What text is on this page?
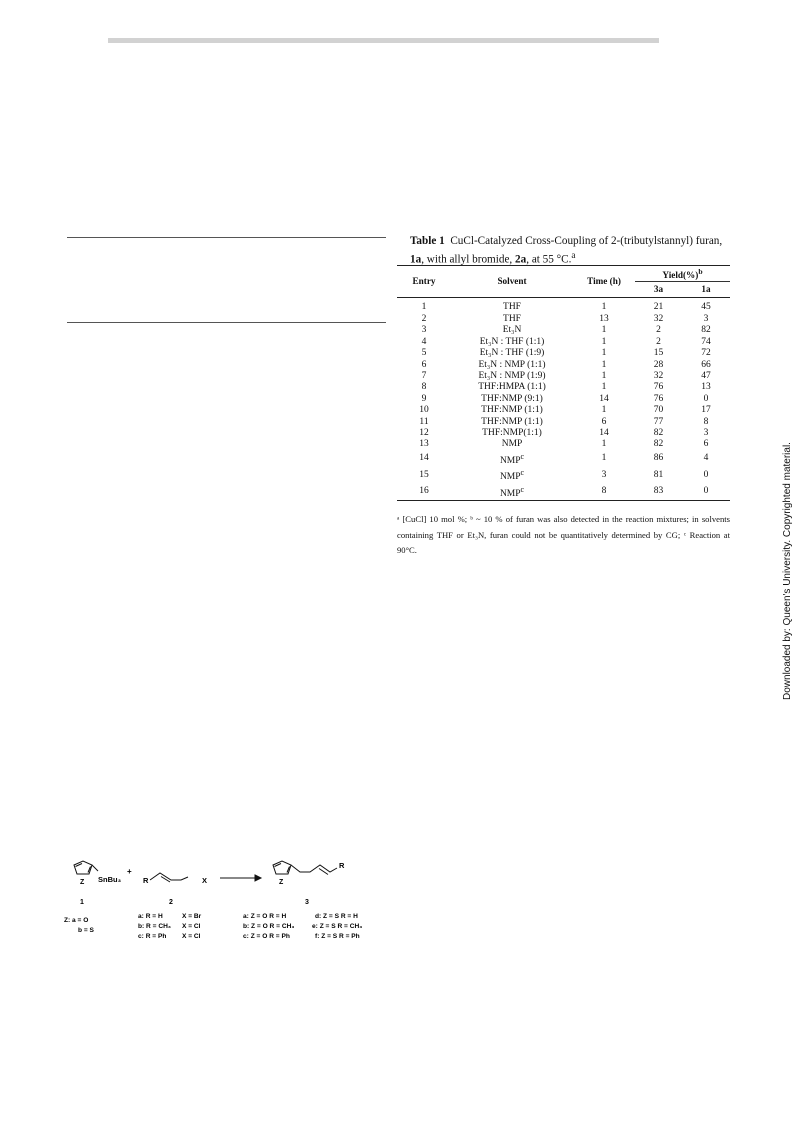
Table 1 CuCl-Catalyzed Cross-Coupling of 2-(tributylstannyl) furan, 1a, with allyl bromide, 2a, at 55 °C.$^a$
Entry	Solvent	Time (h)	Yield(%)$^b$
			3a	1a

1	THF	1	21	45
2	THF	13	32	3
3	Et₃N	1	2	82
4	Et₃N : THF (1:1)	1	2	74
5	Et₃N : THF (1:9)	1	15	72
6	Et₃N : NMP (1:1)	1	28	66
7	Et₃N : NMP (1:9)	1	32	47
8	THF:HMPA (1:1)	1	76	13
9	THF:NMP (9:1)	14	76	0
10	THF:NMP (1:1)	1	70	17
11	THF:NMP (1:1)	6	77	8
12	THF:NMP(1:1)	14	82	3
13	NMP	1	82	6
14	NMP$^c$	1	86	4
15	NMP$^c$	3	81	0
16	NMP$^c$	8	83	0
ᵃ [CuCl] 10 mol %; ᵇ ~ 10 % of furan was also detected in the reaction mixtures; in solvents containing THF or Et₃N, furan could not be quantitatively determined by CG; ᶜ Reaction at 90°C.	Downloaded by: Queen's University. Copyrighted material.
Z SnBu₃
+
R	X	Z
R
1	2	3
Z: a = O
b = S
a: R = H	X = Br
b: R = CH₃ X = Cl
c: R = Ph X = Cl
a: Z = O R = H
b: Z = O R = CH₃
c: Z = O R = Ph
d: Z = S R = H
e: Z = S R = CH₃
f: Z = S R = Ph
